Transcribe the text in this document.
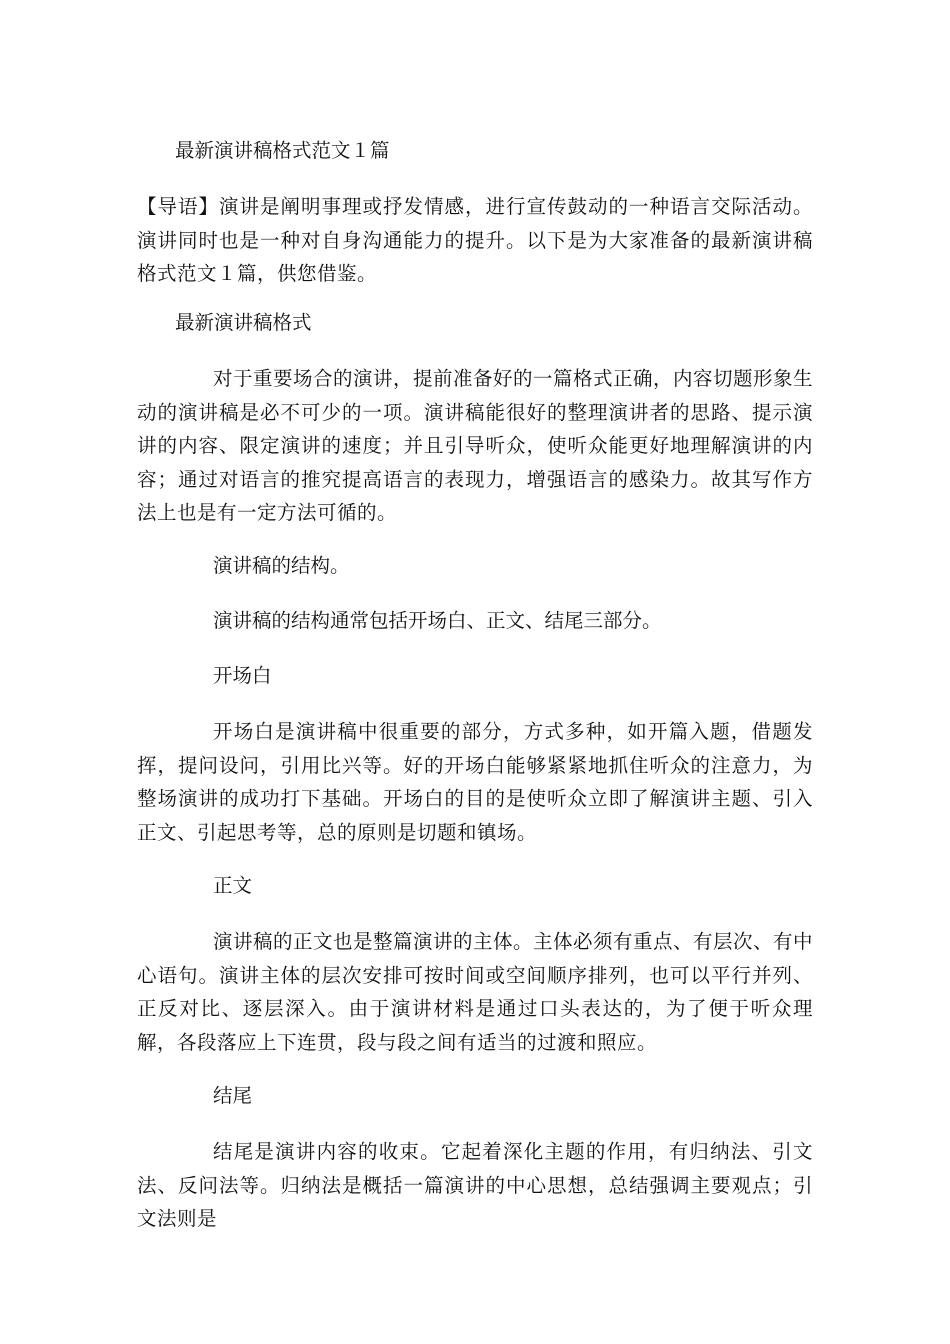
最新演讲稿格式范文１篇
【导语】演讲是阐明事理或抒发情感，进行宣传鼓动的一种语言交际活动。演讲同时也是一种对自身沟通能力的提升。以下是为大家准备的最新演讲稿格式范文１篇，供您借鉴。
最新演讲稿格式
对于重要场合的演讲，提前准备好的一篇格式正确，内容切题形象生动的演讲稿是必不可少的一项。演讲稿能很好的整理演讲者的思路、提示演讲的内容、限定演讲的速度；并且引导听众，使听众能更好地理解演讲的内容；通过对语言的推究提高语言的表现力，增强语言的感染力。故其写作方法上也是有一定方法可循的。
演讲稿的结构。
演讲稿的结构通常包括开场白、正文、结尾三部分。
开场白
开场白是演讲稿中很重要的部分，方式多种，如开篇入题，借题发挥，提问设问，引用比兴等。好的开场白能够紧紧地抓住听众的注意力，为整场演讲的成功打下基础。开场白的目的是使听众立即了解演讲主题、引入正文、引起思考等，总的原则是切题和镇场。
正文
演讲稿的正文也是整篇演讲的主体。主体必须有重点、有层次、有中心语句。演讲主体的层次安排可按时间或空间顺序排列，也可以平行并列、正反对比、逐层深入。由于演讲材料是通过口头表达的，为了便于听众理解，各段落应上下连贯，段与段之间有适当的过渡和照应。
结尾
结尾是演讲内容的收束。它起着深化主题的作用，有归纳法、引文法、反问法等。归纳法是概括一篇演讲的中心思想，总结强调主要观点；引文法则是
